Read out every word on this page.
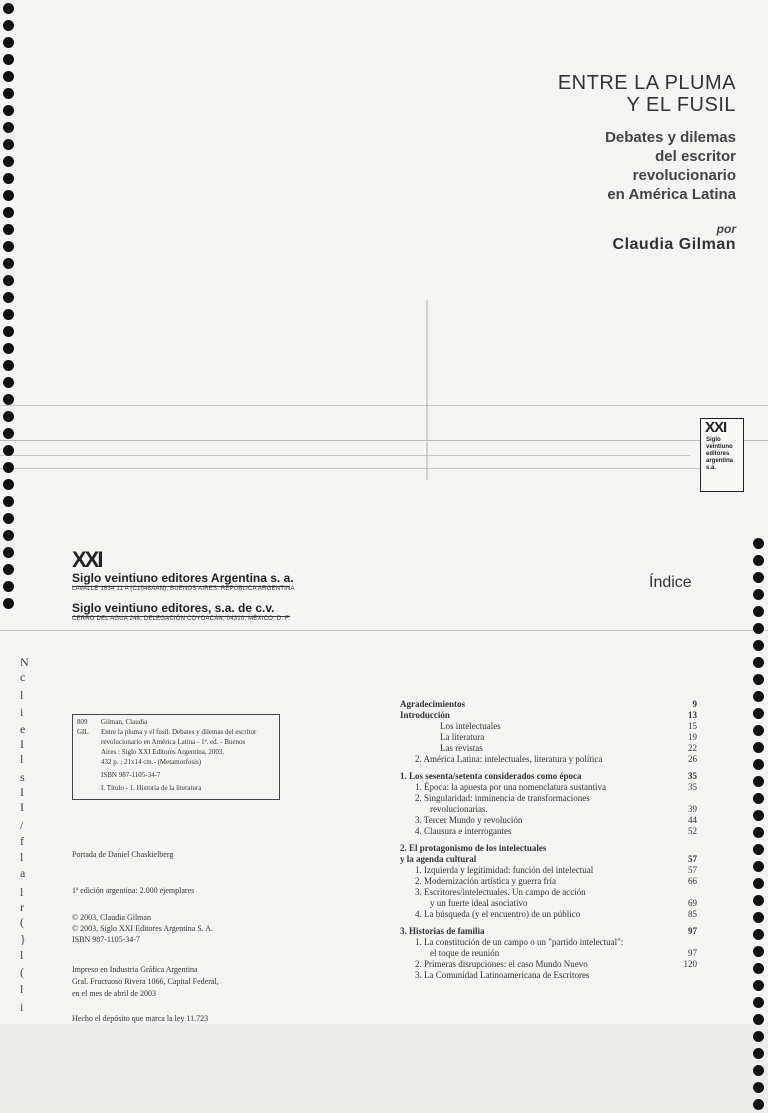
ENTRE LA PLUMA
Y EL FUSIL
Debates y dilemas
del escritor
revolucionario
en América Latina
por
Claudia Gilman
XXI
Siglo
veintiuno
editores
argentina
s.a.
N
c
l
i
e
I
l
s
I
I
/
f
l
a
l
r
(
}
l
(
l
i
XXI
Siglo veintiuno editores Argentina s. a.
LAVALLE 1634 11 A (C1048AAN), BUENOS AIRES, REPÚBLICA ARGENTINA
Siglo veintiuno editores, s.a. de c.v.
CERRO DEL AGUA 248, DELEGACIÓN COYOACÁN, 04310, MÉXICO, D. F.
809	Gilman, Claudia
GIL	Entre la pluma y el fusil. Debates y dilemas del escritor
revolucionario en América Latina - 1ª. ed. - Buenos
Aires : Siglo XXI Editores Argentina, 2003.
432 p. ; 21x14 cm.- (Metamorfosis)
ISBN 987-1105-34-7
I. Título - 1. Historia de la literatura
Portada de Daniel Chaskielberg
1ª edición argentina: 2.000 ejemplares
© 2003, Claudia Gilman
© 2003, Siglo XXI Editores Argentina S. A.
ISBN 987-1105-34-7
Impreso en Industria Gráfica Argentina
Gral. Fructuoso Rivera 1066, Capital Federal,
en el mes de abril de 2003
Hecho el depósito que marca la ley 11.723
Índice
Agradecimientos	9
Introducción	13
Los intelectuales	15
La literatura	19
Las revistas	22
2. América Latina: intelectuales, literatura y política	26
1. Los sesenta/setenta considerados como época	35
1. Época: la apuesta por una nomenclatura sustantiva	35
2. Singularidad: inminencia de transformaciones
revolucionarias.	39
3. Tercer Mundo y revolución	44
4. Clausura e interrogantes	52
2. El protagonismo de los intelectuales
y la agenda cultural	57
1. Izquierda y legitimidad: función del intelectual	57
2. Modernización artística y guerra fría	66
3. Escritores/intelectuales. Un campo de acción
y un fuerte ideal asociativo	69
4. La búsqueda (y el encuentro) de un público	85
3. Historias de familia	97
1. La constitución de un campo o un "partido intelectual":
el toque de reunión	97
2. Primeras disrupciones: el caso Mundo Nuevo	120
3. La Comunidad Latinoamericana de Escritores
